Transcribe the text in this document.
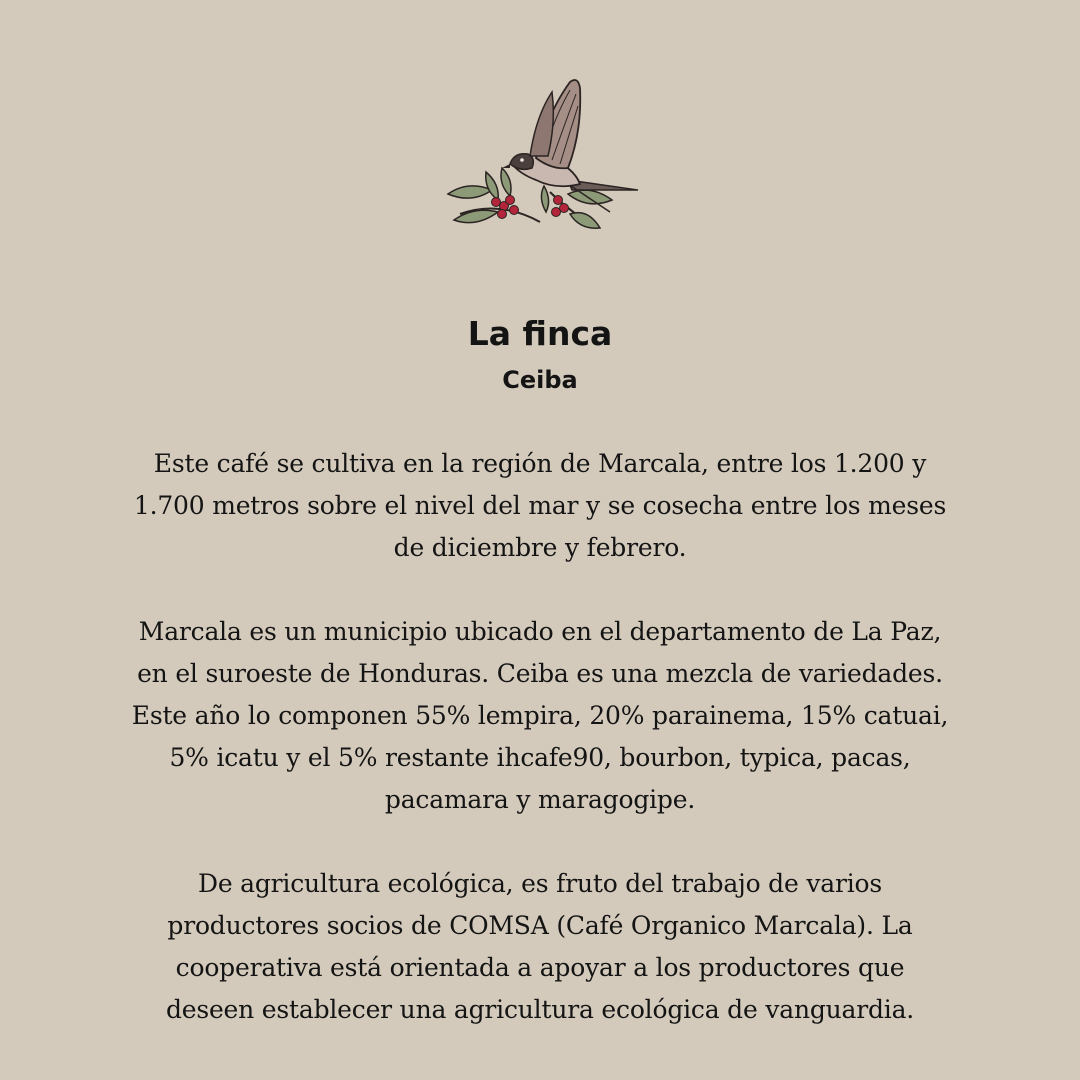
La finca
Ceiba

Este café se cultiva en la región de Marcala, entre los 1.200 y
1.700 metros sobre el nivel del mar y se cosecha entre los meses
de diciembre y febrero.

Marcala es un municipio ubicado en el departamento de La Paz,
en el suroeste de Honduras. Ceiba es una mezcla de variedades.
Este año lo componen 55% lempira, 20% parainema, 15% catuai,
5% icatu y el 5% restante ihcafe90, bourbon, typica, pacas,
pacamara y maragogipe.

De agricultura ecológica, es fruto del trabajo de varios
productores socios de COMSA (Café Organico Marcala). La
cooperativa está orientada a apoyar a los productores que
deseen establecer una agricultura ecológica de vanguardia.
